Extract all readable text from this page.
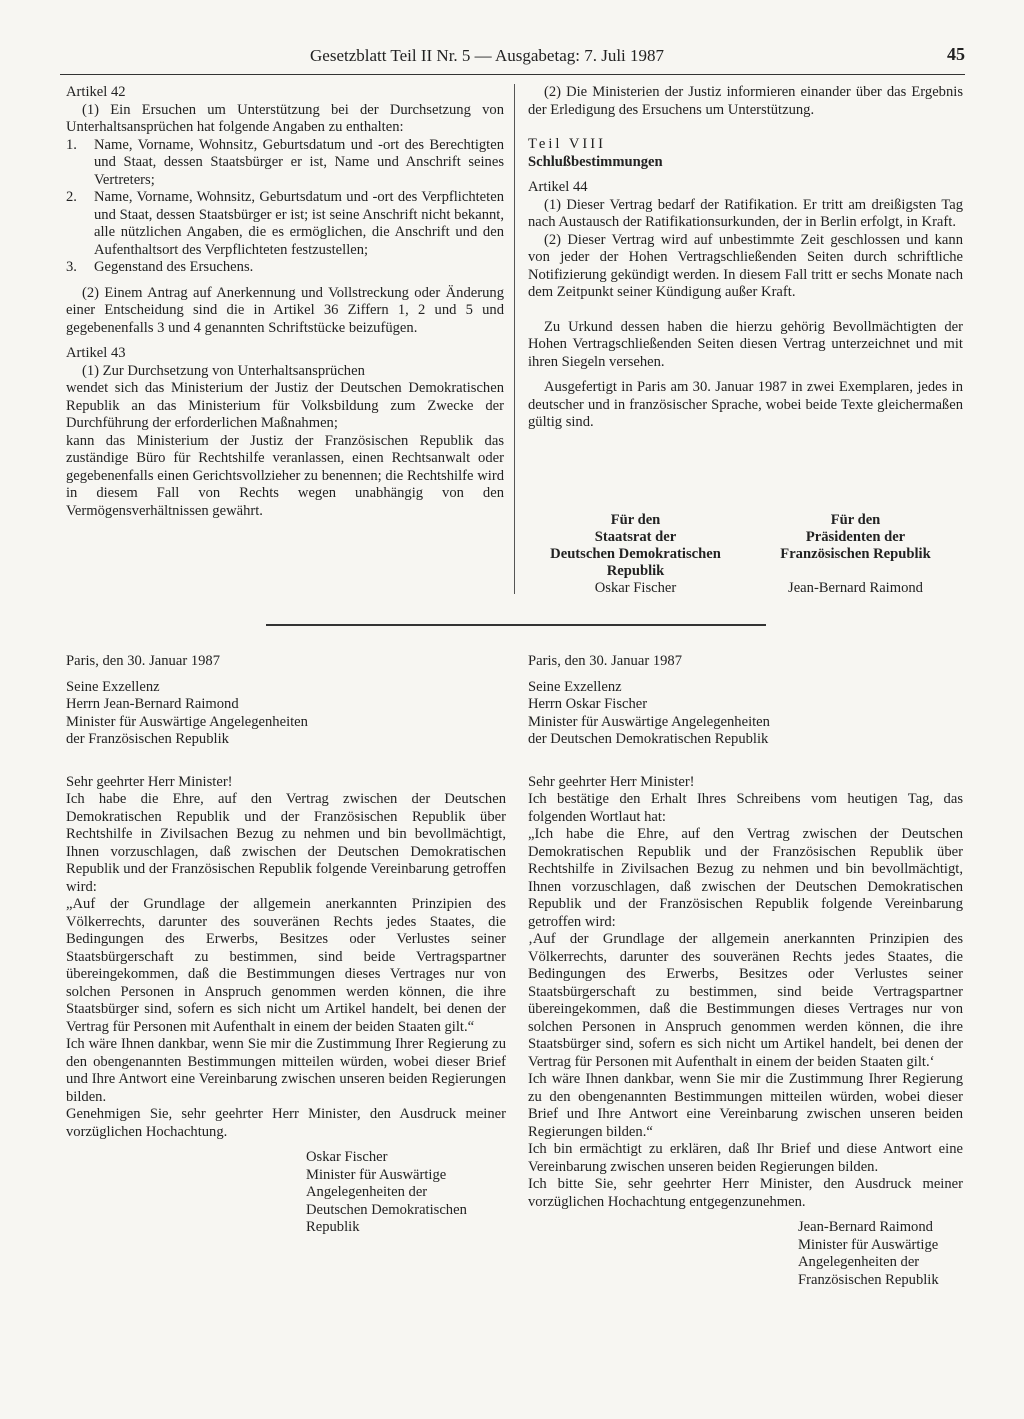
Gesetzblatt Teil II Nr. 5 — Ausgabetag: 7. Juli 1987	45

Artikel 42

(1) Ein Ersuchen um Unterstützung bei der Durchsetzung von Unterhaltsansprüchen hat folgende Angaben zu enthalten:

1. Name, Vorname, Wohnsitz, Geburtsdatum und -ort des Berechtigten und Staat, dessen Staatsbürger er ist, Name und Anschrift seines Vertreters;
2. Name, Vorname, Wohnsitz, Geburtsdatum und -ort des Verpflichteten und Staat, dessen Staatsbürger er ist; ist seine Anschrift nicht bekannt, alle nützlichen Angaben, die es ermöglichen, die Anschrift und den Aufenthaltsort des Verpflichteten festzustellen;
3. Gegenstand des Ersuchens.

(2) Einem Antrag auf Anerkennung und Vollstreckung oder Änderung einer Entscheidung sind die in Artikel 36 Ziffern 1, 2 und 5 und gegebenenfalls 3 und 4 genannten Schriftstücke beizufügen.

Artikel 43

(1) Zur Durchsetzung von Unterhaltsansprüchen

wendet sich das Ministerium der Justiz der Deutschen Demokratischen Republik an das Ministerium für Volksbildung zum Zwecke der Durchführung der erforderlichen Maßnahmen;

kann das Ministerium der Justiz der Französischen Republik das zuständige Büro für Rechtshilfe veranlassen, einen Rechtsanwalt oder gegebenenfalls einen Gerichtsvollzieher zu benennen; die Rechtshilfe wird in diesem Fall von Rechts wegen unabhängig von den Vermögensverhältnissen gewährt.

(2) Die Ministerien der Justiz informieren einander über das Ergebnis der Erledigung des Ersuchens um Unterstützung.

Teil VIII

Schlußbestimmungen

Artikel 44

(1) Dieser Vertrag bedarf der Ratifikation. Er tritt am dreißigsten Tag nach Austausch der Ratifikationsurkunden, der in Berlin erfolgt, in Kraft.

(2) Dieser Vertrag wird auf unbestimmte Zeit geschlossen und kann von jeder der Hohen Vertragschließenden Seiten durch schriftliche Notifizierung gekündigt werden. In diesem Fall tritt er sechs Monate nach dem Zeitpunkt seiner Kündigung außer Kraft.

Zu Urkund dessen haben die hierzu gehörig Bevollmächtigten der Hohen Vertragschließenden Seiten diesen Vertrag unterzeichnet und mit ihren Siegeln versehen.

Ausgefertigt in Paris am 30. Januar 1987 in zwei Exemplaren, jedes in deutscher und in französischer Sprache, wobei beide Texte gleichermaßen gültig sind.

Für den
Staatsrat der
Deutschen Demokratischen
Republik
Oskar Fischer
Für den
Präsidenten der
Französischen Republik
Jean-Bernard Raimond

Paris, den 30. Januar 1987

Seine Exzellenz

Herrn Jean-Bernard Raimond

Minister für Auswärtige Angelegenheiten

der Französischen Republik

Sehr geehrter Herr Minister!

Ich habe die Ehre, auf den Vertrag zwischen der Deutschen Demokratischen Republik und der Französischen Republik über Rechtshilfe in Zivilsachen Bezug zu nehmen und bin bevollmächtigt, Ihnen vorzuschlagen, daß zwischen der Deutschen Demokratischen Republik und der Französischen Republik folgende Vereinbarung getroffen wird:

„Auf der Grundlage der allgemein anerkannten Prinzipien des Völkerrechts, darunter des souveränen Rechts jedes Staates, die Bedingungen des Erwerbs, Besitzes oder Verlustes seiner Staatsbürgerschaft zu bestimmen, sind beide Vertragspartner übereingekommen, daß die Bestimmungen dieses Vertrages nur von solchen Personen in Anspruch genommen werden können, die ihre Staatsbürger sind, sofern es sich nicht um Artikel handelt, bei denen der Vertrag für Personen mit Aufenthalt in einem der beiden Staaten gilt.“

Ich wäre Ihnen dankbar, wenn Sie mir die Zustimmung Ihrer Regierung zu den obengenannten Bestimmungen mitteilen würden, wobei dieser Brief und Ihre Antwort eine Vereinbarung zwischen unseren beiden Regierungen bilden.

Genehmigen Sie, sehr geehrter Herr Minister, den Ausdruck meiner vorzüglichen Hochachtung.

Oskar Fischer

Minister für Auswärtige

Angelegenheiten der

Deutschen Demokratischen

Republik

Paris, den 30. Januar 1987

Seine Exzellenz

Herrn Oskar Fischer

Minister für Auswärtige Angelegenheiten

der Deutschen Demokratischen Republik

Sehr geehrter Herr Minister!

Ich bestätige den Erhalt Ihres Schreibens vom heutigen Tag, das folgenden Wortlaut hat:

„Ich habe die Ehre, auf den Vertrag zwischen der Deutschen Demokratischen Republik und der Französischen Republik über Rechtshilfe in Zivilsachen Bezug zu nehmen und bin bevollmächtigt, Ihnen vorzuschlagen, daß zwischen der Deutschen Demokratischen Republik und der Französischen Republik folgende Vereinbarung getroffen wird:

‚Auf der Grundlage der allgemein anerkannten Prinzipien des Völkerrechts, darunter des souveränen Rechts jedes Staates, die Bedingungen des Erwerbs, Besitzes oder Verlustes seiner Staatsbürgerschaft zu bestimmen, sind beide Vertragspartner übereingekommen, daß die Bestimmungen dieses Vertrages nur von solchen Personen in Anspruch genommen werden können, die ihre Staatsbürger sind, sofern es sich nicht um Artikel handelt, bei denen der Vertrag für Personen mit Aufenthalt in einem der beiden Staaten gilt.‘

Ich wäre Ihnen dankbar, wenn Sie mir die Zustimmung Ihrer Regierung zu den obengenannten Bestimmungen mitteilen würden, wobei dieser Brief und Ihre Antwort eine Vereinbarung zwischen unseren beiden Regierungen bilden.“

Ich bin ermächtigt zu erklären, daß Ihr Brief und diese Antwort eine Vereinbarung zwischen unseren beiden Regierungen bilden.

Ich bitte Sie, sehr geehrter Herr Minister, den Ausdruck meiner vorzüglichen Hochachtung entgegenzunehmen.

Jean-Bernard Raimond

Minister für Auswärtige

Angelegenheiten der

Französischen Republik
